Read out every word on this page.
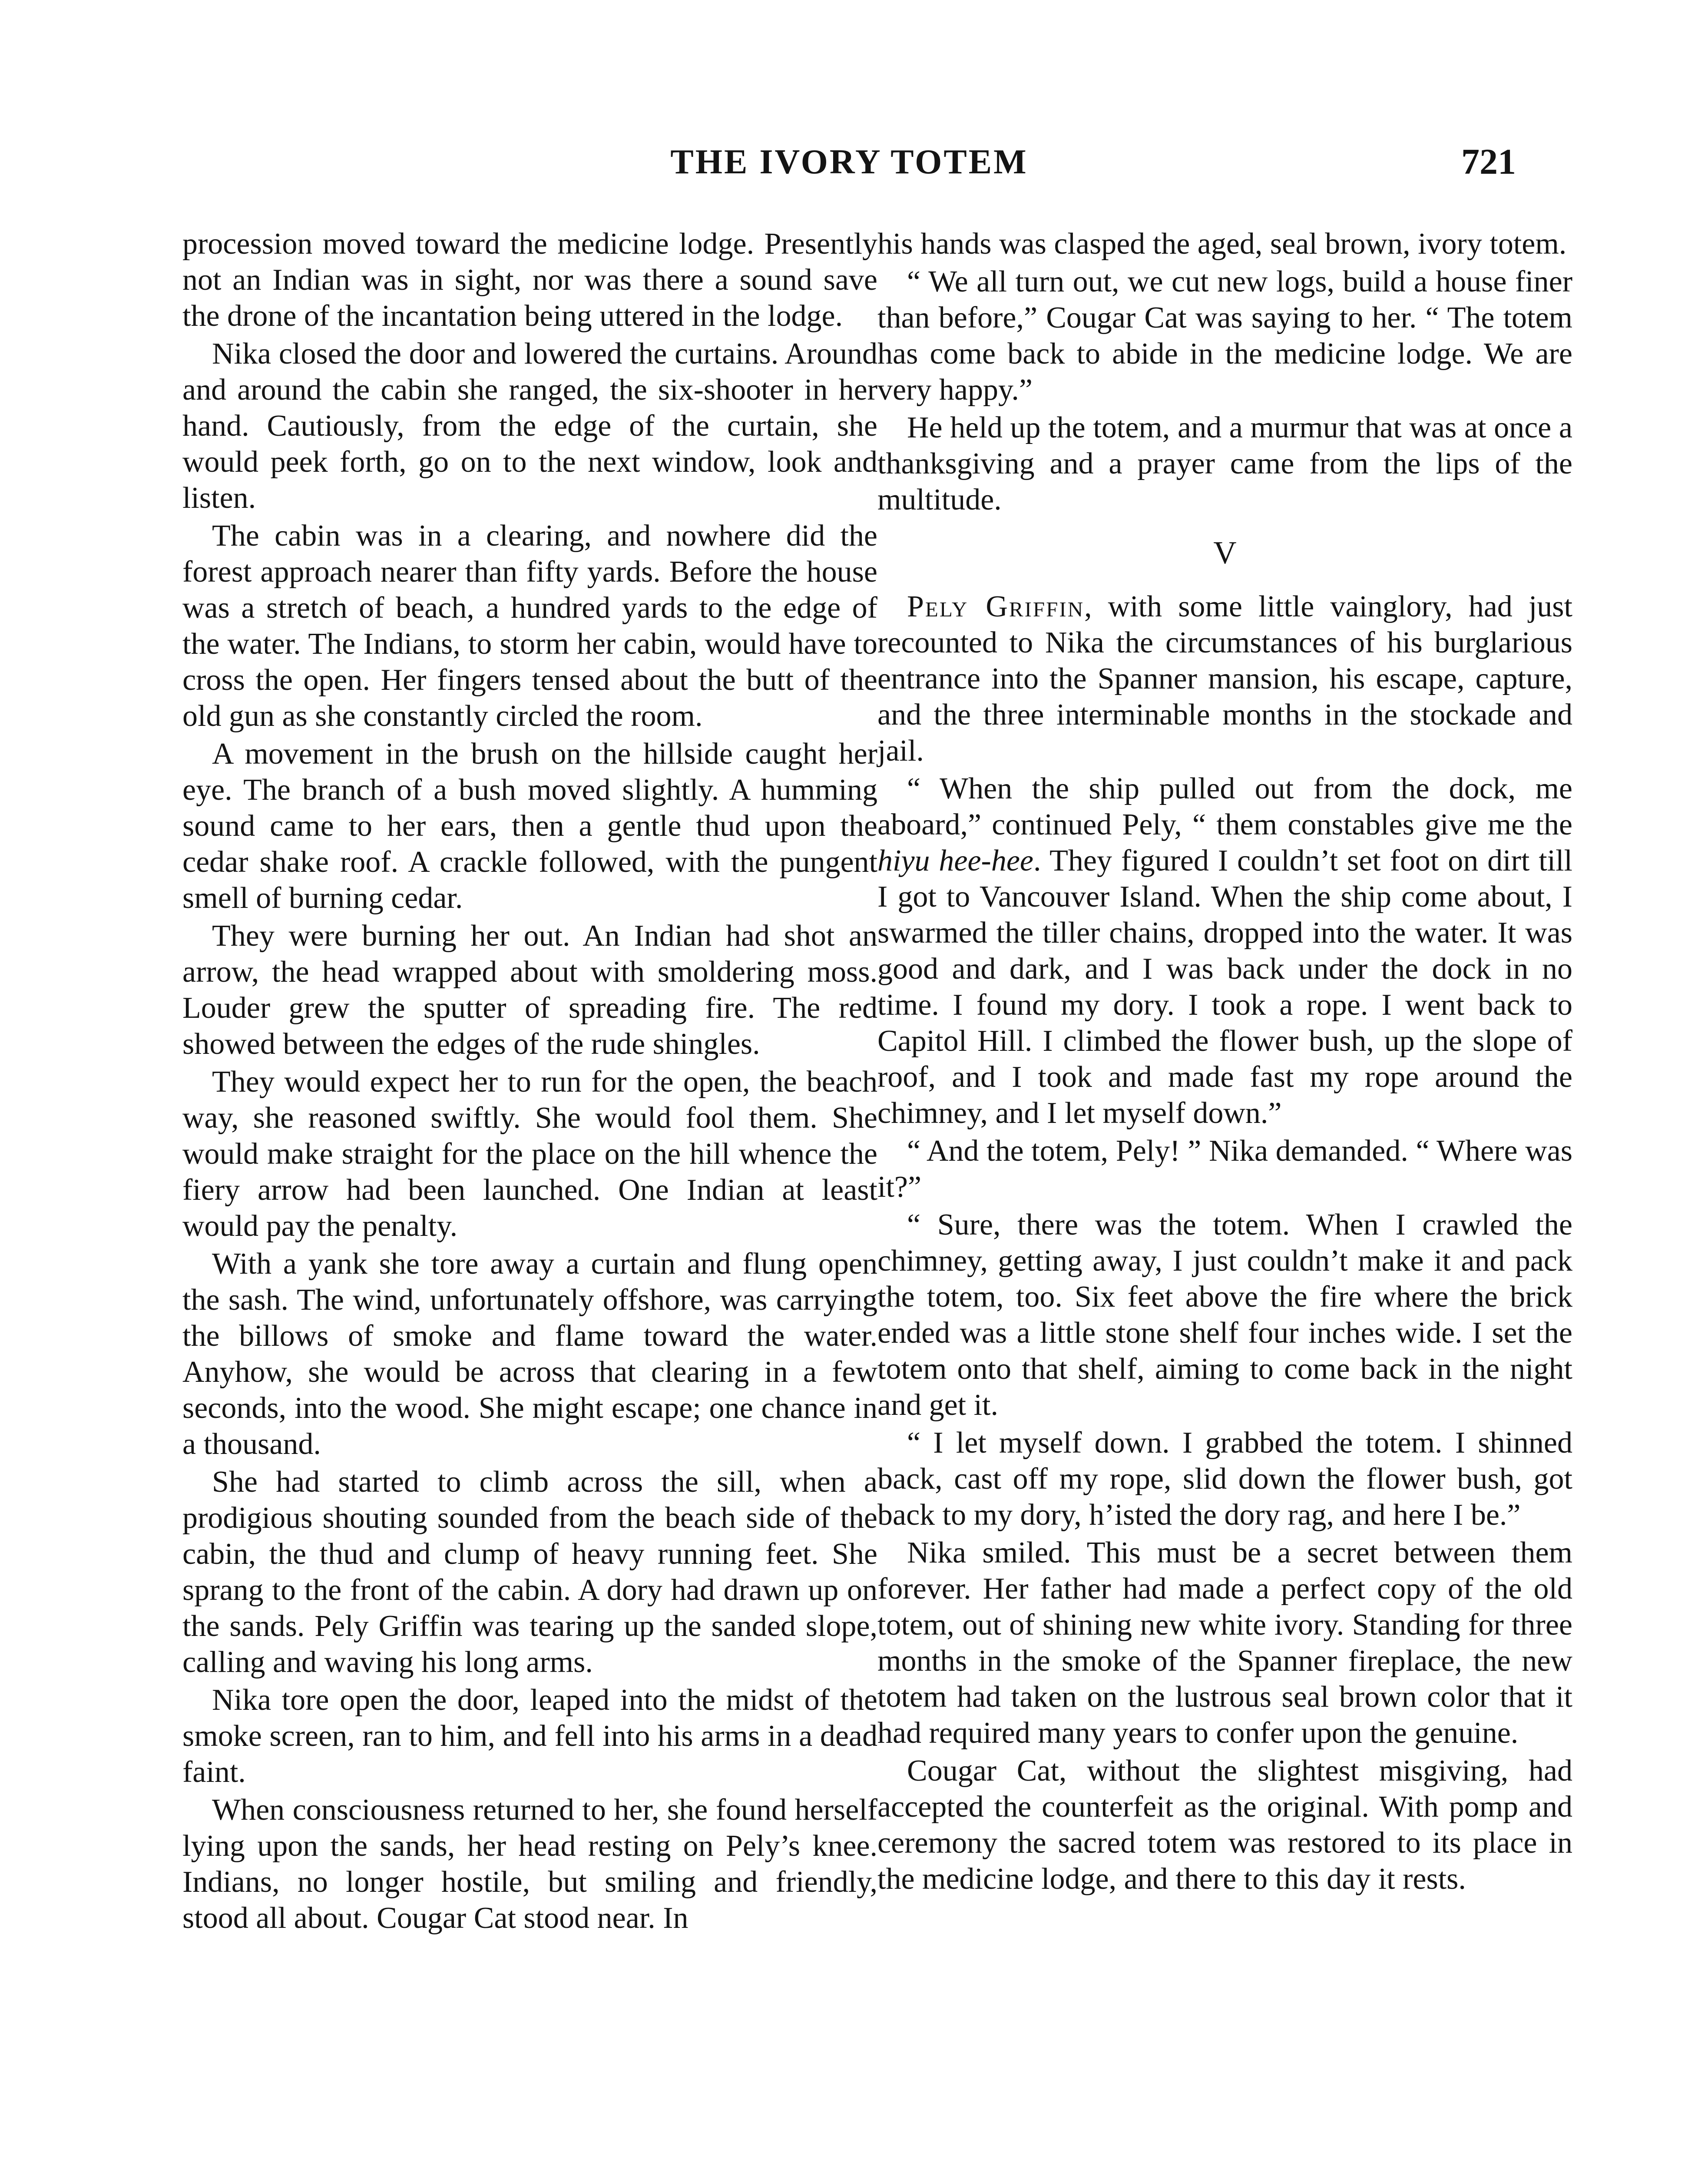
THE IVORY TOTEM	721

procession moved toward the medicine lodge. Presently not an Indian was in sight, nor was there a sound save the drone of the incantation being uttered in the lodge.

Nika closed the door and lowered the curtains. Around and around the cabin she ranged, the six-shooter in her hand. Cautiously, from the edge of the curtain, she would peek forth, go on to the next window, look and listen.

The cabin was in a clearing, and nowhere did the forest approach nearer than fifty yards. Before the house was a stretch of beach, a hundred yards to the edge of the water. The Indians, to storm her cabin, would have to cross the open. Her fingers tensed about the butt of the old gun as she constantly circled the room.

A movement in the brush on the hillside caught her eye. The branch of a bush moved slightly. A humming sound came to her ears, then a gentle thud upon the cedar shake roof. A crackle followed, with the pungent smell of burning cedar.

They were burning her out. An Indian had shot an arrow, the head wrapped about with smoldering moss. Louder grew the sputter of spreading fire. The red showed between the edges of the rude shingles.

They would expect her to run for the open, the beach way, she reasoned swiftly. She would fool them. She would make straight for the place on the hill whence the fiery arrow had been launched. One Indian at least would pay the penalty.

With a yank she tore away a curtain and flung open the sash. The wind, unfortunately offshore, was carrying the billows of smoke and flame toward the water. Anyhow, she would be across that clearing in a few seconds, into the wood. She might escape; one chance in a thousand.

She had started to climb across the sill, when a prodigious shouting sounded from the beach side of the cabin, the thud and clump of heavy running feet. She sprang to the front of the cabin. A dory had drawn up on the sands. Pely Griffin was tearing up the sanded slope, calling and waving his long arms.

Nika tore open the door, leaped into the midst of the smoke screen, ran to him, and fell into his arms in a dead faint.

When consciousness returned to her, she found herself lying upon the sands, her head resting on Pely’s knee. Indians, no longer hostile, but smiling and friendly, stood all about. Cougar Cat stood near. In

his hands was clasped the aged, seal brown, ivory totem.

“ We all turn out, we cut new logs, build a house finer than before,” Cougar Cat was saying to her. “ The totem has come back to abide in the medicine lodge. We are very happy.”

He held up the totem, and a murmur that was at once a thanksgiving and a prayer came from the lips of the multitude.

V

Pely Griffin, with some little vainglory, had just recounted to Nika the circumstances of his burglarious entrance into the Spanner mansion, his escape, capture, and the three interminable months in the stockade and jail.

“ When the ship pulled out from the dock, me aboard,” continued Pely, “ them constables give me the hiyu hee-hee. They figured I couldn’t set foot on dirt till I got to Vancouver Island. When the ship come about, I swarmed the tiller chains, dropped into the water. It was good and dark, and I was back under the dock in no time. I found my dory. I took a rope. I went back to Capitol Hill. I climbed the flower bush, up the slope of roof, and I took and made fast my rope around the chimney, and I let myself down.”

“ And the totem, Pely! ” Nika demanded. “ Where was it?”

“ Sure, there was the totem. When I crawled the chimney, getting away, I just couldn’t make it and pack the totem, too. Six feet above the fire where the brick ended was a little stone shelf four inches wide. I set the totem onto that shelf, aiming to come back in the night and get it.

“ I let myself down. I grabbed the totem. I shinned back, cast off my rope, slid down the flower bush, got back to my dory, h’isted the dory rag, and here I be.”

Nika smiled. This must be a secret between them forever. Her father had made a perfect copy of the old totem, out of shining new white ivory. Standing for three months in the smoke of the Spanner fireplace, the new totem had taken on the lustrous seal brown color that it had required many years to confer upon the genuine.

Cougar Cat, without the slightest misgiving, had accepted the counterfeit as the original. With pomp and ceremony the sacred totem was restored to its place in the medicine lodge, and there to this day it rests.
